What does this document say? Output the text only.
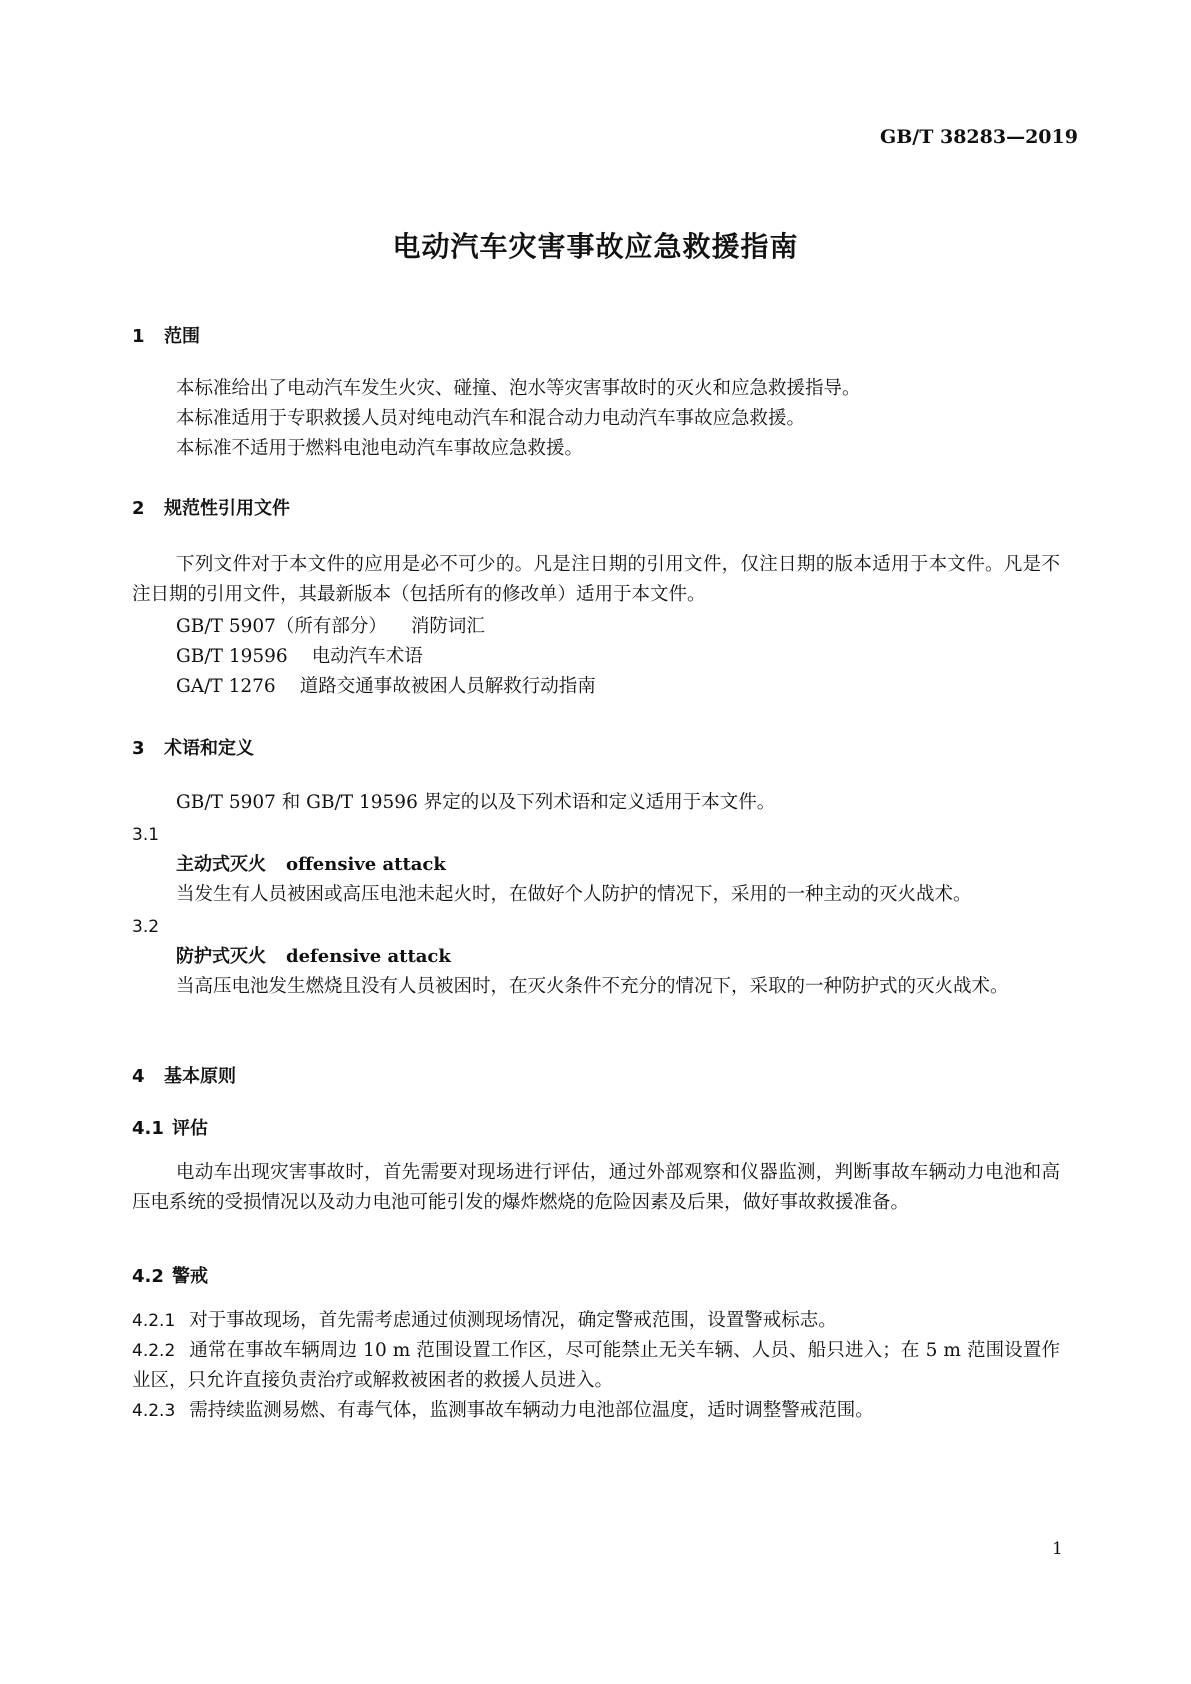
GB/T 38283—2019
电动汽车灾害事故应急救援指南
1 范围
本标准给出了电动汽车发生火灾、碰撞、泡水等灾害事故时的灭火和应急救援指导。
本标准适用于专职救援人员对纯电动汽车和混合动力电动汽车事故应急救援。
本标准不适用于燃料电池电动汽车事故应急救援。
2 规范性引用文件

下列文件对于本文件的应用是必不可少的。凡是注日期的引用文件，仅注日期的版本适用于本文件。凡是不注日期的引用文件，其最新版本（包括所有的修改单）适用于本文件。

GB/T 5907（所有部分） 消防词汇
GB/T 19596 电动汽车术语
GA/T 1276 道路交通事故被困人员解救行动指南
3 术语和定义
GB/T 5907 和 GB/T 19596 界定的以及下列术语和定义适用于本文件。
3.1
主动式灭火 offensive attack
当发生有人员被困或高压电池未起火时，在做好个人防护的情况下，采用的一种主动的灭火战术。
3.2
防护式灭火 defensive attack

当高压电池发生燃烧且没有人员被困时，在灭火条件不充分的情况下，采取的一种防护式的灭火战术。

4 基本原则
4.1 评估

电动车出现灾害事故时，首先需要对现场进行评估，通过外部观察和仪器监测，判断事故车辆动力电池和高压电系统的受损情况以及动力电池可能引发的爆炸燃烧的危险因素及后果，做好事故救援准备。

4.2 警戒

4.2.1 对于事故现场，首先需考虑通过侦测现场情况，确定警戒范围，设置警戒标志。

4.2.2 通常在事故车辆周边 10 m 范围设置工作区，尽可能禁止无关车辆、人员、船只进入；在 5 m 范围设置作业区，只允许直接负责治疗或解救被困者的救援人员进入。

4.2.3 需持续监测易燃、有毒气体，监测事故车辆动力电池部位温度，适时调整警戒范围。

1
